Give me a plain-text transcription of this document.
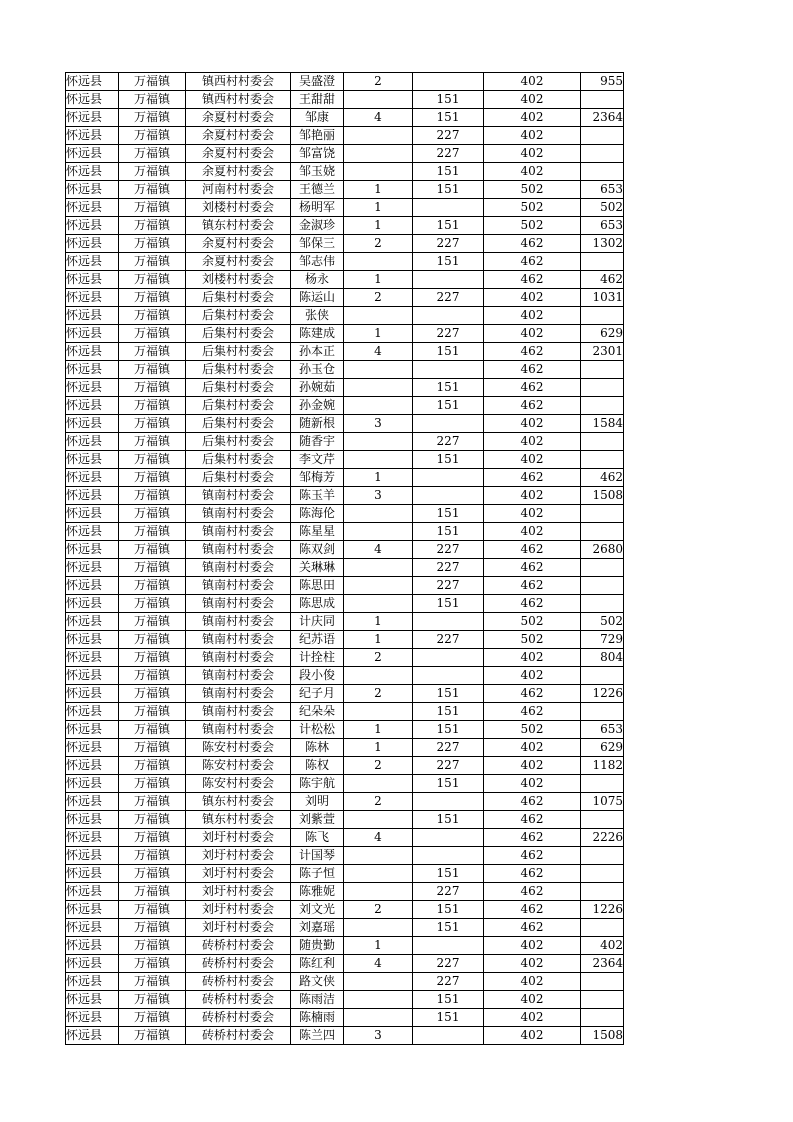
怀远县	万福镇	镇西村村委会	吴盛澄	2		402	955
怀远县	万福镇	镇西村村委会	王甜甜		151	402	
怀远县	万福镇	余夏村村委会	邹康	4	151	402	2364
怀远县	万福镇	余夏村村委会	邹艳丽		227	402	
怀远县	万福镇	余夏村村委会	邹富饶		227	402	
怀远县	万福镇	余夏村村委会	邹玉娆		151	402	
怀远县	万福镇	河南村村委会	王德兰	1	151	502	653
怀远县	万福镇	刘楼村村委会	杨明军	1		502	502
怀远县	万福镇	镇东村村委会	金淑珍	1	151	502	653
怀远县	万福镇	余夏村村委会	邹保三	2	227	462	1302
怀远县	万福镇	余夏村村委会	邹志伟		151	462	
怀远县	万福镇	刘楼村村委会	杨永	1		462	462
怀远县	万福镇	后集村村委会	陈运山	2	227	402	1031
怀远县	万福镇	后集村村委会	张侠			402	
怀远县	万福镇	后集村村委会	陈建成	1	227	402	629
怀远县	万福镇	后集村村委会	孙本正	4	151	462	2301
怀远县	万福镇	后集村村委会	孙玉仓			462	
怀远县	万福镇	后集村村委会	孙婉茹		151	462	
怀远县	万福镇	后集村村委会	孙金婉		151	462	
怀远县	万福镇	后集村村委会	随新根	3		402	1584
怀远县	万福镇	后集村村委会	随香宇		227	402	
怀远县	万福镇	后集村村委会	李文芹		151	402	
怀远县	万福镇	后集村村委会	邹梅芳	1		462	462
怀远县	万福镇	镇南村村委会	陈玉羊	3		402	1508
怀远县	万福镇	镇南村村委会	陈海伦		151	402	
怀远县	万福镇	镇南村村委会	陈星星		151	402	
怀远县	万福镇	镇南村村委会	陈双剑	4	227	462	2680
怀远县	万福镇	镇南村村委会	关琳琳		227	462	
怀远县	万福镇	镇南村村委会	陈思田		227	462	
怀远县	万福镇	镇南村村委会	陈思成		151	462	
怀远县	万福镇	镇南村村委会	计庆同	1		502	502
怀远县	万福镇	镇南村村委会	纪苏语	1	227	502	729
怀远县	万福镇	镇南村村委会	计拴柱	2		402	804
怀远县	万福镇	镇南村村委会	段小俊			402	
怀远县	万福镇	镇南村村委会	纪子月	2	151	462	1226
怀远县	万福镇	镇南村村委会	纪朵朵		151	462	
怀远县	万福镇	镇南村村委会	计松松	1	151	502	653
怀远县	万福镇	陈安村村委会	陈林	1	227	402	629
怀远县	万福镇	陈安村村委会	陈权	2	227	402	1182
怀远县	万福镇	陈安村村委会	陈宇航		151	402	
怀远县	万福镇	镇东村村委会	刘明	2		462	1075
怀远县	万福镇	镇东村村委会	刘紫萱		151	462	
怀远县	万福镇	刘圩村村委会	陈飞	4		462	2226
怀远县	万福镇	刘圩村村委会	计国琴			462	
怀远县	万福镇	刘圩村村委会	陈子恒		151	462	
怀远县	万福镇	刘圩村村委会	陈雅妮		227	462	
怀远县	万福镇	刘圩村村委会	刘文光	2	151	462	1226
怀远县	万福镇	刘圩村村委会	刘嘉瑶		151	462	
怀远县	万福镇	砖桥村村委会	随贵勤	1		402	402
怀远县	万福镇	砖桥村村委会	陈红利	4	227	402	2364
怀远县	万福镇	砖桥村村委会	路文侠		227	402	
怀远县	万福镇	砖桥村村委会	陈雨洁		151	402	
怀远县	万福镇	砖桥村村委会	陈楠雨		151	402	
怀远县	万福镇	砖桥村村委会	陈兰四	3		402	1508
